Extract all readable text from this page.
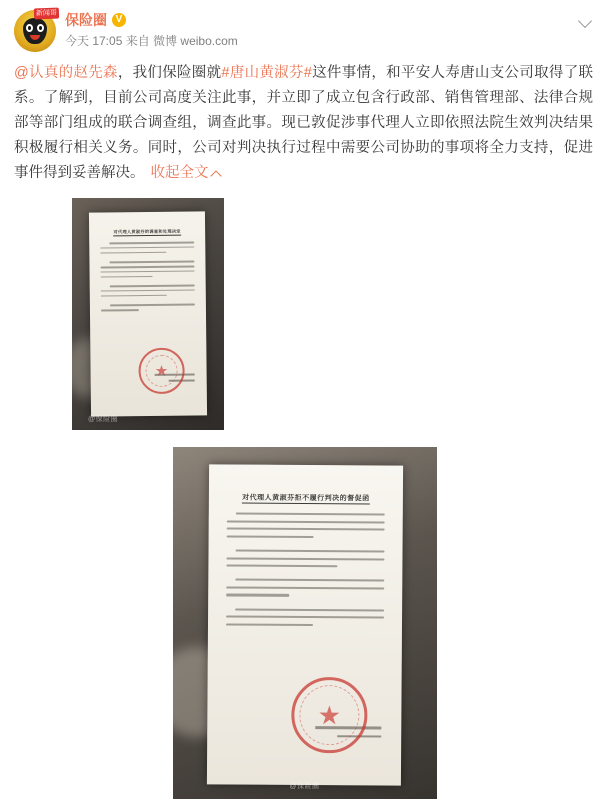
新闻哥 保险圈 V
今天 17:05 来自 微博 weibo.com
@认真的赵先森，我们保险圈就#唐山黄淑芬#这件事情，和平安人寿唐山支公司取得了联系。了解到，目前公司高度关注此事，并立即了成立包含行政部、销售管理部、法律合规部等部门组成的联合调查组，调查此事。现已敦促涉事代理人立即依照法院生效判决结果积极履行相关义务。同时，公司对判决执行过程中需要公司协助的事项将全力支持，促进事件得到妥善解决。 收起全文
对代理人黄淑芬的调查和处理决定
★
@保险圈
对代理人黄淑芬拒不履行判决的督促函
★
@保险圈
